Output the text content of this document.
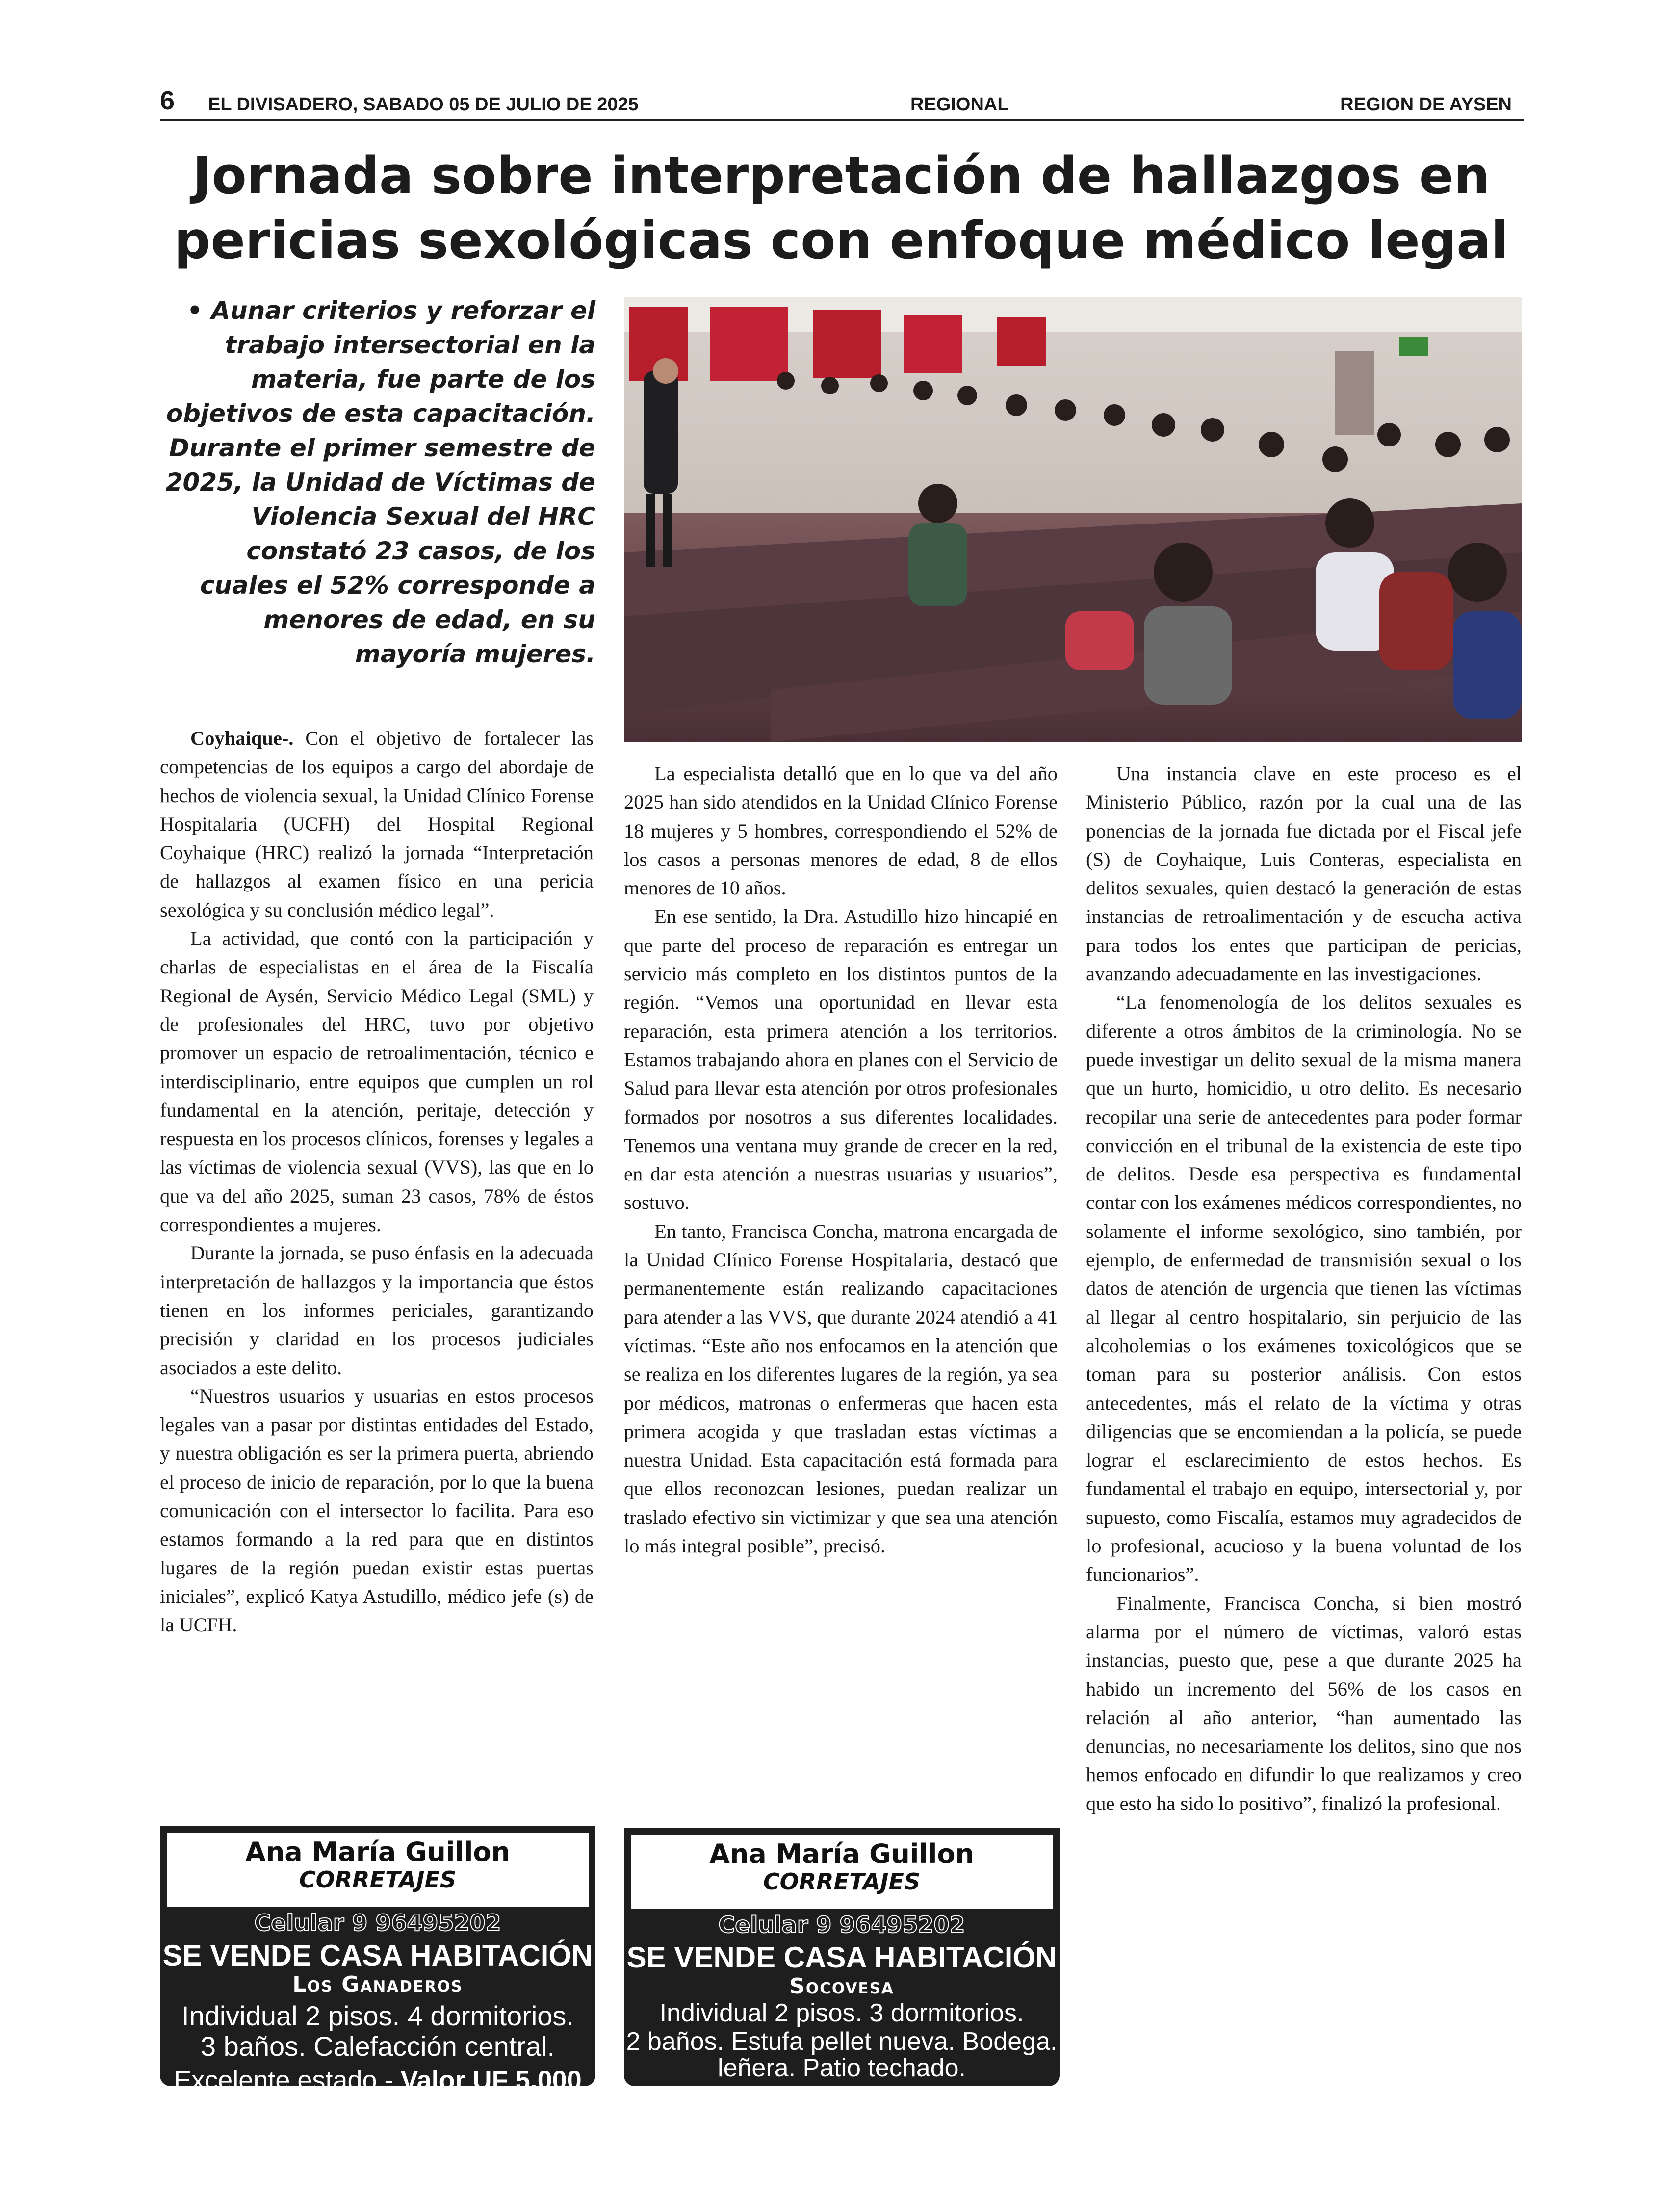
6 EL DIVISADERO, SABADO 05 DE JULIO DE 2025	REGIONAL	REGION DE AYSEN
Jornada sobre interpretación de hallazgos en pericias sexológicas con enfoque médico legal
• Aunar criterios y reforzar el trabajo intersectorial en la materia, fue parte de los objetivos de esta capacitación. Durante el primer semestre de 2025, la Unidad de Víctimas de Violencia Sexual del HRC constató 23 casos, de los cuales el 52% corresponde a menores de edad, en su mayoría mujeres.

Coyhaique-. Con el objetivo de fortalecer las competencias de los equipos a cargo del abordaje de hechos de violencia sexual, la Unidad Clínico Forense Hospitalaria (UCFH) del Hospital Regional Coyhaique (HRC) realizó la jornada “Interpretación de hallazgos al examen físico en una pericia sexológica y su conclusión médico legal”.

La actividad, que contó con la participación y charlas de especialistas en el área de la Fiscalía Regional de Aysén, Servicio Médico Legal (SML) y de profesionales del HRC, tuvo por objetivo promover un espacio de retroalimentación, técnico e interdisciplinario, entre equipos que cumplen un rol fundamental en la atención, peritaje, detección y respuesta en los procesos clínicos, forenses y legales a las víctimas de violencia sexual (VVS), las que en lo que va del año 2025, suman 23 casos, 78% de éstos correspondientes a mujeres.

Durante la jornada, se puso énfasis en la adecuada interpretación de hallazgos y la importancia que éstos tienen en los informes periciales, garantizando precisión y claridad en los procesos judiciales asociados a este delito.

“Nuestros usuarios y usuarias en estos procesos legales van a pasar por distintas entidades del Estado, y nuestra obligación es ser la primera puerta, abriendo el proceso de inicio de reparación, por lo que la buena comunicación con el intersector lo facilita. Para eso estamos formando a la red para que en distintos lugares de la región puedan existir estas puertas iniciales”, explicó Katya Astudillo, médico jefe (s) de la UCFH.

La especialista detalló que en lo que va del año 2025 han sido atendidos en la Unidad Clínico Forense 18 mujeres y 5 hombres, correspondiendo el 52% de los casos a personas menores de edad, 8 de ellos menores de 10 años.

En ese sentido, la Dra. Astudillo hizo hincapié en que parte del proceso de reparación es entregar un servicio más completo en los distintos puntos de la región. “Vemos una oportunidad en llevar esta reparación, esta primera atención a los territorios. Estamos trabajando ahora en planes con el Servicio de Salud para llevar esta atención por otros profesionales formados por nosotros a sus diferentes localidades. Tenemos una ventana muy grande de crecer en la red, en dar esta atención a nuestras usuarias y usuarios”, sostuvo.

En tanto, Francisca Concha, matrona encargada de la Unidad Clínico Forense Hospitalaria, destacó que permanentemente están realizando capacitaciones para atender a las VVS, que durante 2024 atendió a 41 víctimas. “Este año nos enfocamos en la atención que se realiza en los diferentes lugares de la región, ya sea por médicos, matronas o enfermeras que hacen esta primera acogida y que trasladan estas víctimas a nuestra Unidad. Esta capacitación está formada para que ellos reconozcan lesiones, puedan realizar un traslado efectivo sin victimizar y que sea una atención lo más integral posible”, precisó.

Una instancia clave en este proceso es el Ministerio Público, razón por la cual una de las ponencias de la jornada fue dictada por el Fiscal jefe (S) de Coyhaique, Luis Conteras, especialista en delitos sexuales, quien destacó la generación de estas instancias de retroalimentación y de escucha activa para todos los entes que participan de pericias, avanzando adecuadamente en las investigaciones.

“La fenomenología de los delitos sexuales es diferente a otros ámbitos de la criminología. No se puede investigar un delito sexual de la misma manera que un hurto, homicidio, u otro delito. Es necesario recopilar una serie de antecedentes para poder formar convicción en el tribunal de la existencia de este tipo de delitos. Desde esa perspectiva es fundamental contar con los exámenes médicos correspondientes, no solamente el informe sexológico, sino también, por ejemplo, de enfermedad de transmisión sexual o los datos de atención de urgencia que tienen las víctimas al llegar al centro hospitalario, sin perjuicio de las alcoholemias o los exámenes toxicológicos que se toman para su posterior análisis. Con estos antecedentes, más el relato de la víctima y otras diligencias que se encomiendan a la policía, se puede lograr el esclarecimiento de estos hechos. Es fundamental el trabajo en equipo, intersectorial y, por supuesto, como Fiscalía, estamos muy agradecidos de lo profesional, acucioso y la buena voluntad de los funcionarios”.

Finalmente, Francisca Concha, si bien mostró alarma por el número de víctimas, valoró estas instancias, puesto que, pese a que durante 2025 ha habido un incremento del 56% de los casos en relación al año anterior, “han aumentado las denuncias, no necesariamente los delitos, sino que nos hemos enfocado en difundir lo que realizamos y creo que esto ha sido lo positivo”, finalizó la profesional.

Ana María Guillon
CORRETAJES
Celular 9 96495202
SE VENDE CASA HABITACIÓN
Los Ganaderos
Individual 2 pisos. 4 dormitorios.
3 baños. Calefacción central.
Excelente estado - Valor UF 5.000
Ana María Guillon
CORRETAJES
Celular 9 96495202
SE VENDE CASA HABITACIÓN
Socovesa
Individual 2 pisos. 3 dormitorios.
2 baños. Estufa pellet nueva. Bodega.
leñera. Patio techado.
Excelente estado - Valor UF 4.500
